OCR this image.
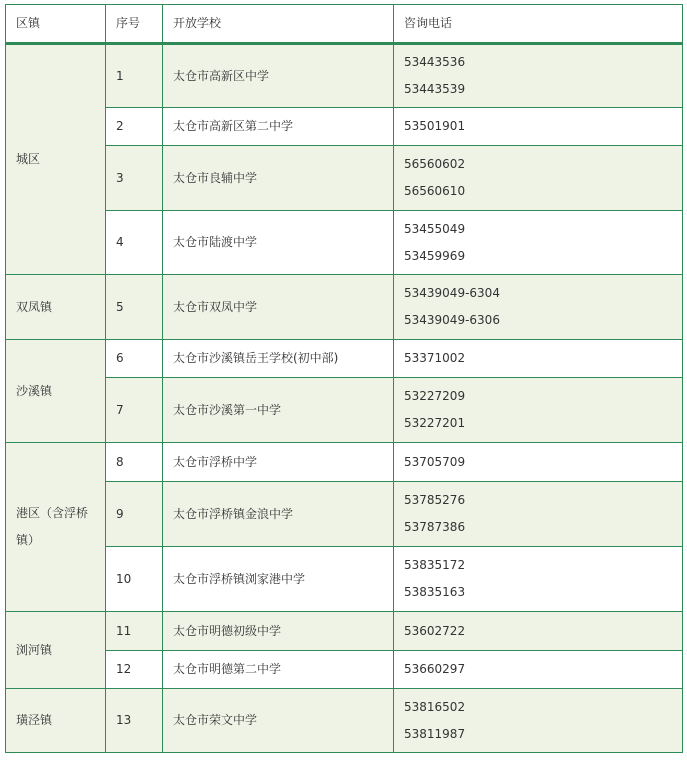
区镇	序号	开放学校	咨询电话

城区	1	太仓市高新区中学	53443536
53443539

	2	太仓市高新区第二中学	53501901

	3	太仓市良辅中学	56560602
56560610

	4	太仓市陆渡中学	53455049
53459969

双凤镇	5	太仓市双凤中学	53439049-6304
53439049-6306

沙溪镇	6	太仓市沙溪镇岳王学校(初中部)	53371002

	7	太仓市沙溪第一中学	53227209
53227201

港区（含浮桥镇）	8	太仓市浮桥中学	53705709

	9	太仓市浮桥镇金浪中学	53785276
53787386

	10	太仓市浮桥镇浏家港中学	53835172
53835163

浏河镇	11	太仓市明德初级中学	53602722

	12	太仓市明德第二中学	53660297

璜泾镇	13	太仓市荣文中学	53816502
53811987
